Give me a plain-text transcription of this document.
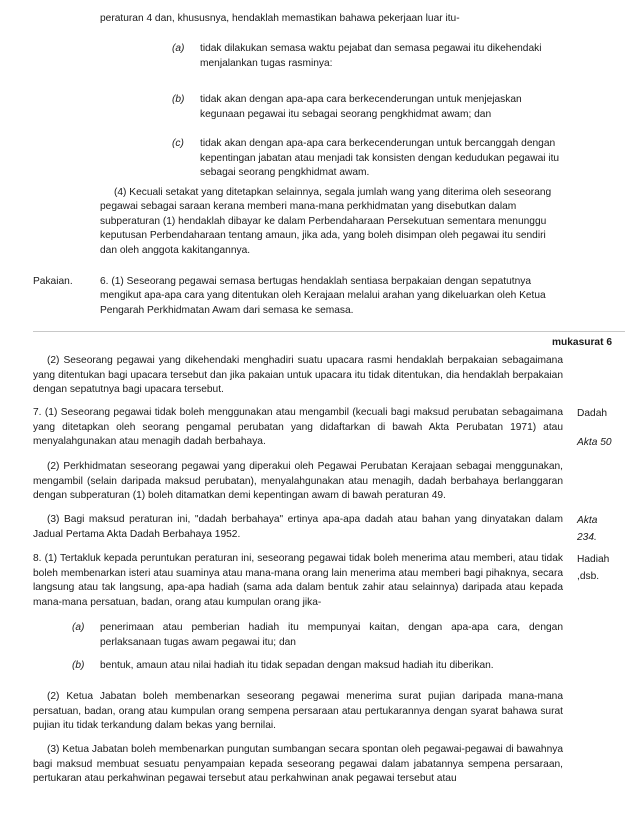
peraturan 4 dan, khususnya, hendaklah memastikan bahawa pekerjaan luar itu-

(a) tidak dilakukan semasa waktu pejabat dan semasa pegawai itu dikehendaki menjalankan tugas rasminya:

(b) tidak akan dengan apa-apa cara berkecenderungan untuk menjejaskan kegunaan pegawai itu sebagai seorang pengkhidmat awam; dan

(c) tidak akan dengan apa-apa cara berkecenderungan untuk bercanggah dengan kepentingan jabatan atau menjadi tak konsisten dengan kedudukan pegawai itu sebagai seorang pengkhidmat awam.

(4) Kecuali setakat yang ditetapkan selainnya, segala jumlah wang yang diterima oleh seseorang pegawai sebagai saraan kerana memberi mana-mana perkhidmatan yang disebutkan dalam subperaturan (1) hendaklah dibayar ke dalam Perbendaharaan Persekutuan sementara menunggu keputusan Perbendaharaan tentang amaun, jika ada, yang boleh disimpan oleh pegawai itu sendiri dan oleh anggota kakitangannya.

Pakaian.	6. (1) Seseorang pegawai semasa bertugas hendaklah sentiasa berpakaian dengan sepatutnya mengikut apa-apa cara yang ditentukan oleh Kerajaan melalui arahan yang dikeluarkan oleh Ketua Pengarah Perkhidmatan Awam dari semasa ke semasa.

mukasurat 6

(2) Seseorang pegawai yang dikehendaki menghadiri suatu upacara rasmi hendaklah berpakaian sebagaimana yang ditentukan bagi upacara tersebut dan jika pakaian untuk upacara itu tidak ditentukan, dia hendaklah berpakaian dengan sepatutnya bagi upacara tersebut.

7. (1) Seseorang pegawai tidak boleh menggunakan atau mengambil (kecuali bagi maksud perubatan sebagaimana yang ditetapkan oleh seorang pengamal perubatan yang didaftarkan di bawah Akta Perubatan 1971) atau menyalahgunakan atau menagih dadah berbahaya.

Dadah
Akta 50

(2) Perkhidmatan seseorang pegawai yang diperakui oleh Pegawai Perubatan Kerajaan sebagai menggunakan, mengambil (selain daripada maksud perubatan), menyalahgunakan atau menagih, dadah berbahaya berlanggaran dengan subperaturan (1) boleh ditamatkan demi kepentingan awam di bawah peraturan 49.

(3) Bagi maksud peraturan ini, "dadah berbahaya" ertinya apa-apa dadah atau bahan yang dinyatakan dalam Jadual Pertama Akta Dadah Berbahaya 1952.

Akta 234.

8. (1) Tertakluk kepada peruntukan peraturan ini, seseorang pegawai tidak boleh menerima atau memberi, atau tidak boleh membenarkan isteri atau suaminya atau mana-mana orang lain menerima atau memberi bagi pihaknya, secara langsung atau tak langsung, apa-apa hadiah (sama ada dalam bentuk zahir atau selainnya) daripada atau kepada mana-mana persatuan, badan, orang atau kumpulan orang jika-

Hadiah ,dsb.
(a) penerimaan atau pemberian hadiah itu mempunyai kaitan, dengan apa-apa cara, dengan perlaksanaan tugas awam pegawai itu; dan

(b) bentuk, amaun atau nilai hadiah itu tidak sepadan dengan maksud hadiah itu diberikan.

(2) Ketua Jabatan boleh membenarkan seseorang pegawai menerima surat pujian daripada mana-mana persatuan, badan, orang atau kumpulan orang sempena persaraan atau pertukarannya dengan syarat bahawa surat pujian itu tidak terkandung dalam bekas yang bernilai.

(3) Ketua Jabatan boleh membenarkan pungutan sumbangan secara spontan oleh pegawai-pegawai di bawahnya bagi maksud membuat sesuatu penyampaian kepada seseorang pegawai dalam jabatannya sempena persaraan, pertukaran atau perkahwinan pegawai tersebut atau perkahwinan anak pegawai tersebut atau
